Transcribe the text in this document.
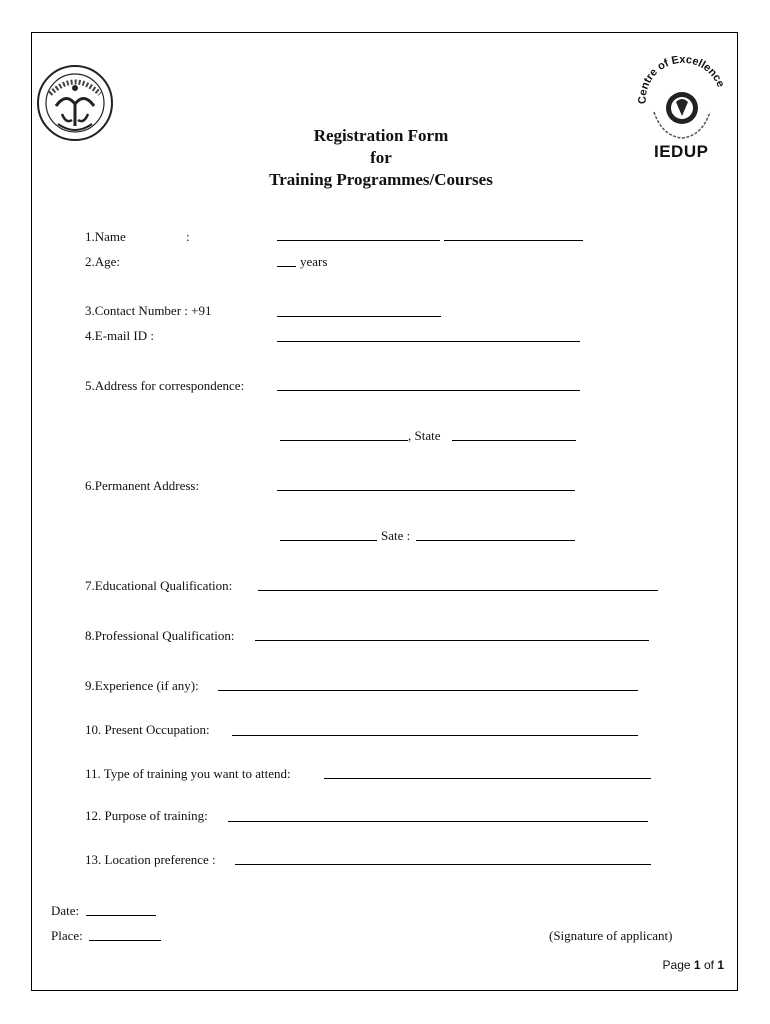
Centre of Excellence
IEDUP
Registration Form
for
Training Programmes/Courses
1.Name	:
2.Age:	years
3.Contact Number : +91
4.E-mail ID :
5.Address for correspondence:
, State
6.Permanent Address:
Sate :
7.Educational Qualification:
8.Professional Qualification:
9.Experience (if any):
10. Present Occupation:
11. Type of training you want to attend:
12. Purpose of training:
13. Location preference :
Date:
Place:	(Signature of applicant)
Page 1 of 1
